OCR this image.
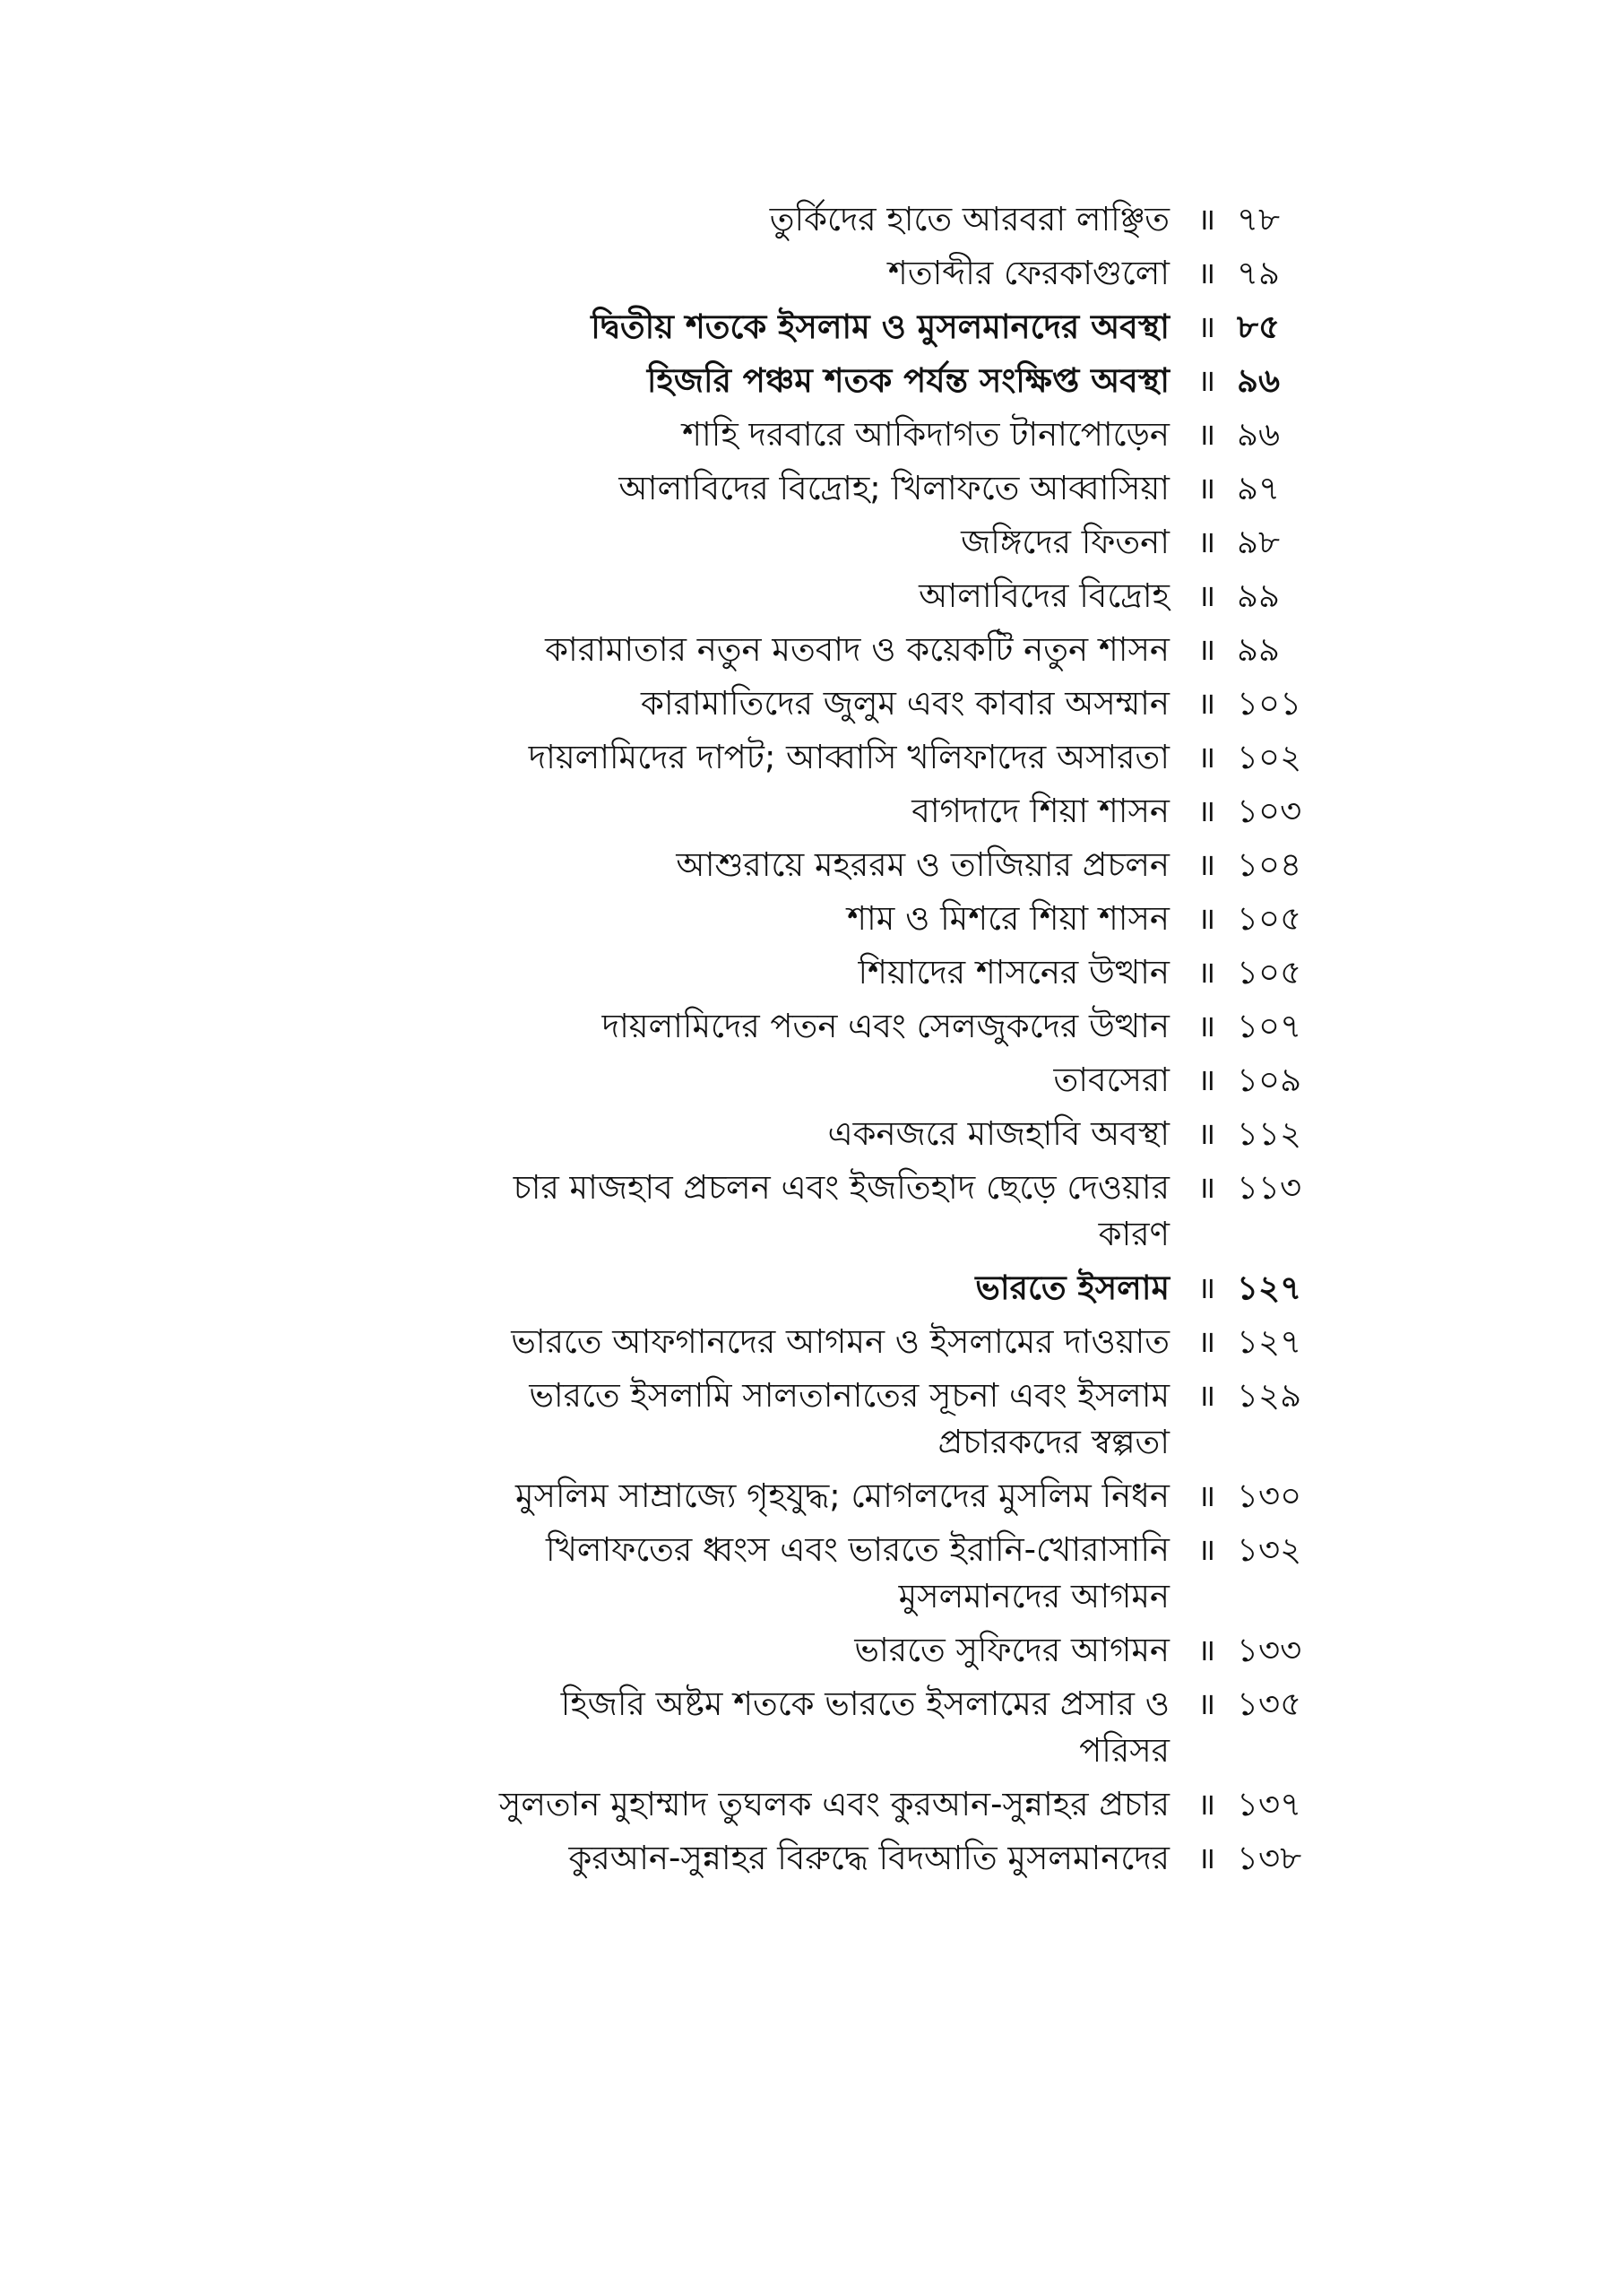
তুর্কিদের হাতে আরবরা লাঞ্ছিত ॥ ৭৮
শতাব্দীর ফেরকাগুলো ॥ ৭৯
দ্বিতীয় শতকে ইসলাম ও মুসলমানদের অবস্থা ॥ ৮৫
হিজরি পঞ্চম শতক পর্যন্ত সংক্ষিপ্ত অবস্থা ॥ ৯৬
শাহি দরবারে আকিদাগত টানাপোড়েন ॥ ৯৬
আলাবিদের বিদ্রোহ; খিলাফতে আব্বাসিয়া ॥ ৯৭
জঙ্গিদের ফিতনা ॥ ৯৮
আলাবিদের বিদ্রোহ ॥ ৯৯
কারামাতার নতুন মতবাদ ও কয়েকটি নতুন শাসন ॥ ৯৯
কারামাতিদের জুলুম এবং কাবার অসম্মান ॥ ১০১
দায়লামিদের দাপট; আব্বাসি খলিফাদের অসারতা ॥ ১০২
বাগদাদে শিয়া শাসন ॥ ১০৩
আশুরায়ে মহররম ও তাজিয়ার প্রচলন ॥ ১০৪
শাম ও মিশরে শিয়া শাসন ॥ ১০৫
শিয়াদের শাসনের উত্থান ॥ ১০৫
দায়লামিদের পতন এবং সেলজুকদের উত্থান ॥ ১০৭
তাবসেরা ॥ ১০৯
একনজরে মাজহাবি অবস্থা ॥ ১১২
চার মাজহাব প্রচলন এবং ইজতিহাদ ছেড়ে দেওয়ার কারণ
॥ ১১৩
ভারতে ইসলাম ॥ ১২৭
ভারতে আফগানদের আগমন ও ইসলামের দাওয়াত ॥ ১২৭
ভারতে ইসলামি সালতানাতের সূচনা এবং ইসলাম প্রচারকদের স্বল্পতা
॥ ১২৯
মুসলিম সাম্রাজ্যে গৃহযুদ্ধ; মোগলদের মুসলিম নিধন ॥ ১৩০
খিলাফতের ধ্বংস এবং ভারতে ইরানি-খোরাসানি মুসলমানদের আগমন
॥ ১৩২
ভারতে সুফিদের আগমন ॥ ১৩৩
হিজরি অষ্টম শতকে ভারতে ইসলামের প্রসার ও পরিসর
॥ ১৩৫
সুলতান মুহাম্মাদ তুঘলক এবং কুরআন-সুন্নাহর প্রচার ॥ ১৩৭
কুরআন-সুন্নাহর বিরুদ্ধে বিদআতি মুসলমানদের ॥ ১৩৮
